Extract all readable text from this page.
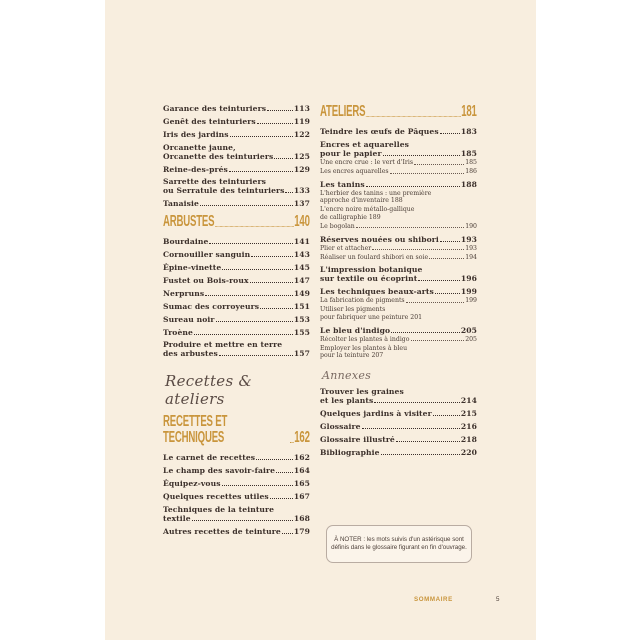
Garance des teinturiers	113
Genêt des teinturiers	119
Iris des jardins	122
Orcanette jaune,
Orcanette des teinturiers	125
Reine-des-prés	129
Sarrette des teinturiers
ou Serratule des teinturiers 133
Tanaisie	137
ARBUSTES	140
Bourdaine	141
Cornouiller sanguin	143
Épine-vinette	145
Fustet ou Bois-roux	147
Nerpruns	149
Sumac des corroyeurs	151
Sureau noir	153
Troène	155
Produire et mettre en terre
des arbustes	157
Recettes & ateliers
RECETTES ET TECHNIQUES	162
Le carnet de recettes	162
Le champ des savoir-faire 164
Équipez-vous	165
Quelques recettes utiles	167
Techniques de la teinture
textile	168
Autres recettes de teinture 179
ATELIERS	181
Teindre les œufs de Pâques	183
Encres et aquarelles
pour le papier	185
Une encre crue : le vert d'Iris	185
Les encres aquarelles	186
Les tanins	188
L'herbier des tanins : une première
approche d'inventaire 188
L'encre noire métallo-gallique
de calligraphie 189
Le bogolan	190
Réserves nouées ou shibori	193
Plier et attacher	193
Réaliser un foulard shibori en soie	194
L'impression botanique
sur textile ou écoprint	196
Les techniques beaux-arts	199
La fabrication de pigments	199
Utiliser les pigments
pour fabriquer une peinture 201
Le bleu d'indigo	205
Récolter les plantes à indigo	205
Employer les plantes à bleu
pour la teinture 207
Annexes
Trouver les graines
et les plants	214
Quelques jardins à visiter	215
Glossaire	216
Glossaire illustré	218
Bibliographie	220
À NOTER : les mots suivis d'un astérisque sont définis dans le glossaire figurant en fin d'ouvrage.
SOMMAIRE	5
